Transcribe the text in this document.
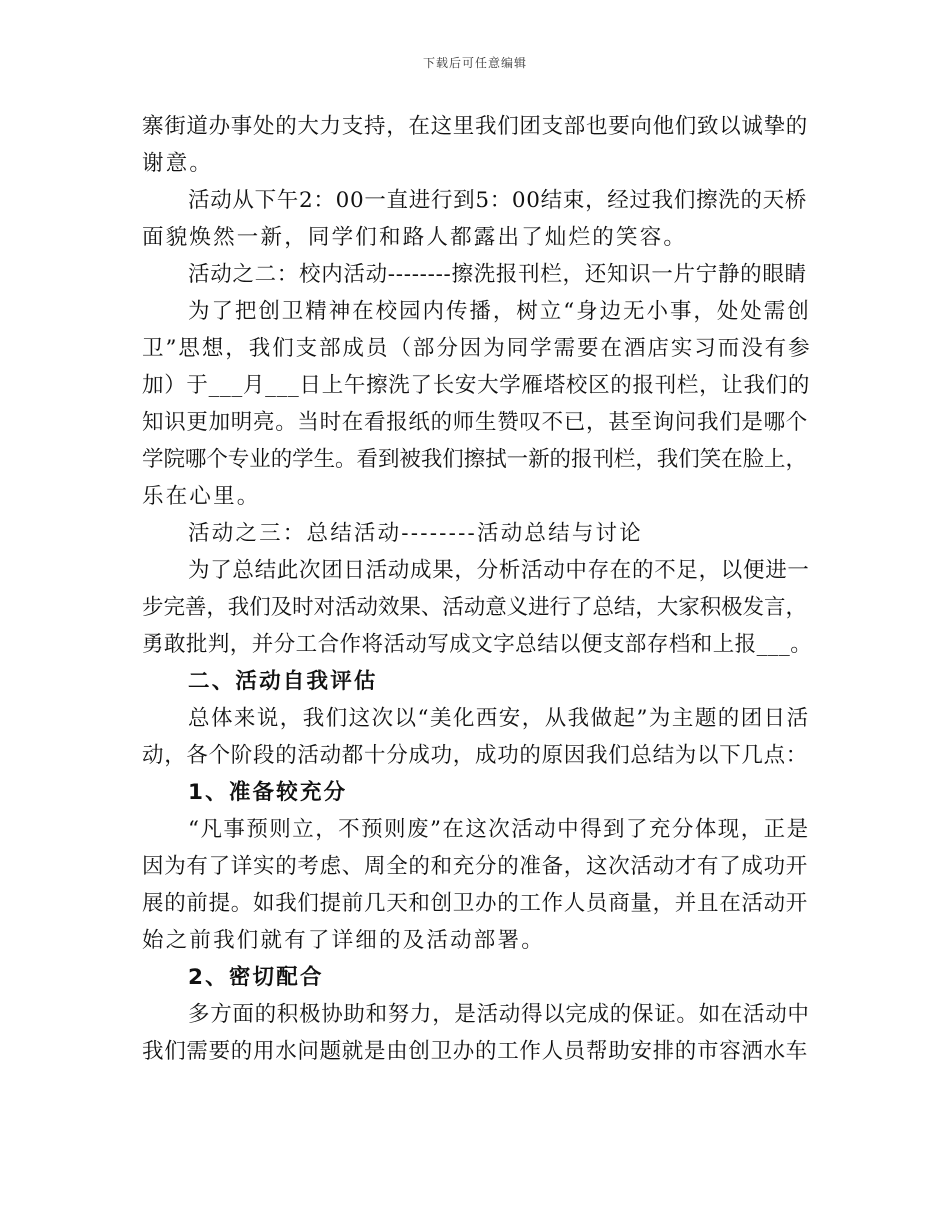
下载后可任意编辑
寨街道办事处的大力支持，在这里我们团支部也要向他们致以诚挚的
谢意。
活动从下午2：00一直进行到5：00结束，经过我们擦洗的天桥
面貌焕然一新，同学们和路人都露出了灿烂的笑容。
活动之二：校内活动--------擦洗报刊栏，还知识一片宁静的眼睛
为了把创卫精神在校园内传播，树立“身边无小事，处处需创
卫”思想，我们支部成员（部分因为同学需要在酒店实习而没有参
加）于___月___日上午擦洗了长安大学雁塔校区的报刊栏，让我们的
知识更加明亮。当时在看报纸的师生赞叹不已，甚至询问我们是哪个
学院哪个专业的学生。看到被我们擦拭一新的报刊栏，我们笑在脸上，
乐在心里。
活动之三：总结活动--------活动总结与讨论
为了总结此次团日活动成果，分析活动中存在的不足，以便进一
步完善，我们及时对活动效果、活动意义进行了总结，大家积极发言，
勇敢批判，并分工合作将活动写成文字总结以便支部存档和上报___。
二、活动自我评估
总体来说，我们这次以“美化西安，从我做起”为主题的团日活
动，各个阶段的活动都十分成功，成功的原因我们总结为以下几点：
1、准备较充分
“凡事预则立，不预则废”在这次活动中得到了充分体现，正是
因为有了详实的考虑、周全的和充分的准备，这次活动才有了成功开
展的前提。如我们提前几天和创卫办的工作人员商量，并且在活动开
始之前我们就有了详细的及活动部署。
2、密切配合
多方面的积极协助和努力，是活动得以完成的保证。如在活动中
我们需要的用水问题就是由创卫办的工作人员帮助安排的市容洒水车
